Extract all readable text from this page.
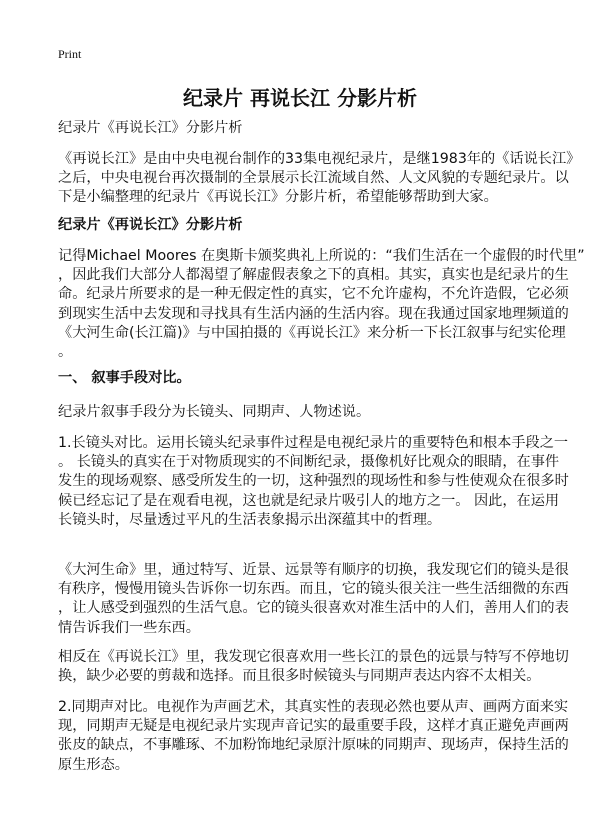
Print
纪录片 再说长江 分影片析
纪录片《再说长江》分影片析
《再说长江》是由中央电视台制作的33集电视纪录片，是继1983年的《话说长江》
之后，中央电视台再次摄制的全景展示长江流域自然、人文风貌的专题纪录片。以
下是小编整理的纪录片《再说长江》分影片析，希望能够帮助到大家。
纪录片《再说长江》分影片析
记得Michael Moores 在奥斯卡颁奖典礼上所说的：“我们生活在一个虚假的时代里”
，因此我们大部分人都渴望了解虚假表象之下的真相。其实，真实也是纪录片的生
命。纪录片所要求的是一种无假定性的真实，它不允许虚构，不允许造假，它必须
到现实生活中去发现和寻找具有生活内涵的生活内容。现在我通过国家地理频道的
《大河生命(长江篇)》与中国拍摄的《再说长江》来分析一下长江叙事与纪实伦理
。
一、 叙事手段对比。
纪录片叙事手段分为长镜头、同期声、人物述说。
1.长镜头对比。运用长镜头纪录事件过程是电视纪录片的重要特色和根本手段之一
。 长镜头的真实在于对物质现实的不间断纪录，摄像机好比观众的眼睛，在事件
发生的现场观察、感受所发生的一切，这种强烈的现场性和参与性使观众在很多时
候已经忘记了是在观看电视，这也就是纪录片吸引人的地方之一。 因此，在运用
长镜头时，尽量透过平凡的生活表象揭示出深蕴其中的哲理。
《大河生命》里，通过特写、近景、远景等有顺序的切换，我发现它们的镜头是很
有秩序，慢慢用镜头告诉你一切东西。而且，它的镜头很关注一些生活细微的东西
，让人感受到强烈的生活气息。它的镜头很喜欢对准生活中的人们，善用人们的表
情告诉我们一些东西。
相反在《再说长江》里，我发现它很喜欢用一些长江的景色的远景与特写不停地切
换，缺少必要的剪裁和选择。而且很多时候镜头与同期声表达内容不太相关。
2.同期声对比。电视作为声画艺术，其真实性的表现必然也要从声、画两方面来实
现，同期声无疑是电视纪录片实现声音记实的最重要手段，这样才真正避免声画两
张皮的缺点，不事雕琢、不加粉饰地纪录原汁原味的同期声、现场声，保持生活的
原生形态。
